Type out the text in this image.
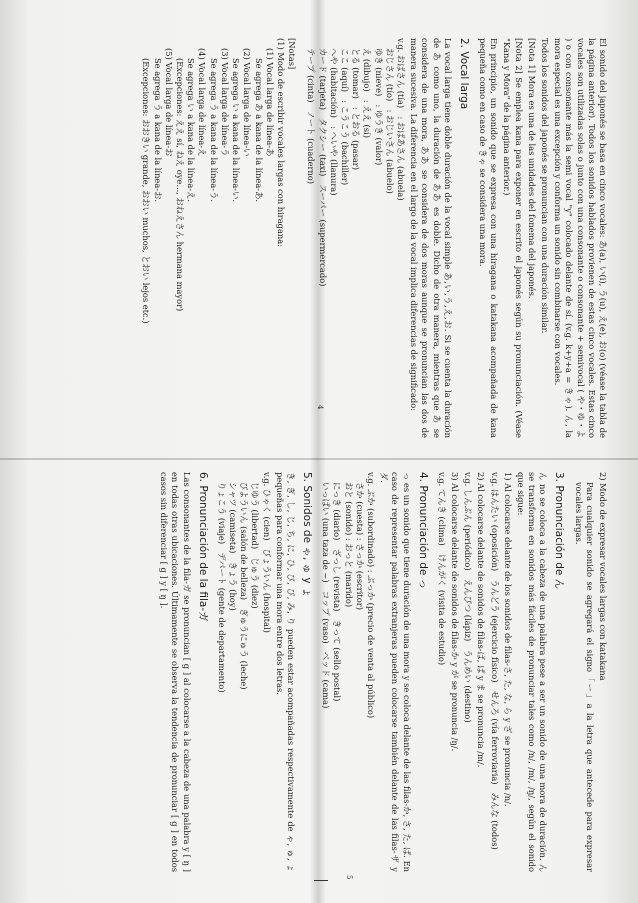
4
5

El sonido del japonés se basa en cinco vocales: あ(a), い(i), う(u), え(e), お(o) (véase la tabla de la página anterior). Todos los sonidos hablados provienen de estas cinco vocales. Estas cinco vocales son utilizadas solas o junto con una consonante o consonante + semivocal ( や・ゆ・よ ) o con consonante más la semi vocal "y" colocado delante de sí. (v.g. k+y+a = きゃ). ん, la mora especial es una excepción y conforma un sonido sin combinarse con vocales.

Todos los sonidos del japonés se pronuncian con una duración similar.

[Nota 1] Mora es una de las unidades del fonema del japonés.

[Nota 2] Se emplea kana para exponer en escrito el japonés según su pronunciación. (Véase "Kana y Mora" de la página anterior.)

En principio, un sonido que se expresa con una hiragana o katakana acompañada de kana pequeña como en caso de きゃ se considera una mora.

2. Vocal larga

La vocal larga tiene doble duración de la vocal simple あ,い,う,え,お. Si se cuenta la duración de あ como uno, la duración de ああ es doble. Dicho de otra manera, mientras que あ se considera de una mora, ああ se considera de dos moras aunque se pronuncian las dos de manera sucesiva. La diferencia en el largo de la vocal implica diferencias de significado:

v.g. おばさん (tía)　: おばあさん (abuela)
おじさん (tío)　: おじいさん (abuelo)
ゆき (nieve)　: ゆうき (valor)
え (dibujo)　: ええ (sí)
とる (tomar)　: とおる (pasar)
ここ (aquí)　: こうこう (bachiller)
へや (habitación)　: へいや (llanura)
カード (tarjeta)　タクシー (taxi)　スーパー (supermercado)
テープ (cinta)　ノート (cuaderno)
[Notas]
(1) Modo de escribir vocales largas con hiragana:
(1) Vocal larga de línea-あ
Se agrega あ a kana de la línea-あ.
(2) Vocal larga de línea-い
Se agrega い a kana de la línea-い.
(3) Vocal larga de línea-う
Se agrega う a kana de la línea-う.
(4) Vocal larga de línea-え
Se agrega い a kana de la línea-え.
(Excepciones: ええ sí, ねえ oye..., おねえさん hermana mayor)
(5) Vocal larga de línea-お
Se agrega う a kana de la línea-お.
(Excepciones: おおきい grande, おおい muchos, とおい lejos etc.)

2) Modo de expresar vocales largas con katakana

Para cualquier sonido se agregará el signo「ー」a la letra que antecede para expresar vocales largas.

3. Pronunciación de ん

ん no se coloca a la cabeza de una palabra pese a ser un sonido de una mora de duración. ん se transforma en sonidos más fáciles de pronunciar tales como /n/, /m/, /ŋ/, según el sonido que sigue:

1) Al colocarse delante de los sonidos de filas-さ, た, な, ら y ざ se pronuncia /n/.

v.g. はんたい (oposición)　うんどう (ejercicio físico)　せんろ (vía ferroviaria)　みんな (todos)

2) Al colocarse delante de sonidos de filas-ば, ぱ y ま se pronuncia /m/.

v.g. しんぶん (periódico)　えんぴつ (lápiz)　うんめい (destino)

3) Al colocarse delante de sonidos de filas-か y が se pronuncia /ŋ/.

v.g. てんき (clima)　けんがく (visita de estudio)

4. Pronunciación de っ

っ es un sonido que tiene duración de una mora y se coloca delante de las filas-か, さ, た, ぱ. En caso de representar palabras extranjeras pueden colocarse también delante de las filas-ザ y ダ.

v.g. ぶか (subordinado) : ぶっか (precio de venta al público)
さか (cuesta) : さっか (escritor)
おと (sonido) : おっと (marido)
にっき (diario)　ざっし (revista)　きって (sello postal)
いっぱい (una taza de ~)　コップ (vaso)　ベッド (cama)
5. Sonidos de ゃ, ゅ y ょ

き, ぎ, し, じ, ち, に, ひ, び, ぴ, み, り pueden estar acompañadas respectivamente de ゃ, ゅ, ょ pequeñas para conformar una mora entre dos letras.

v.g. ひゃく (cien)　びょういん (hospital)
じゆう (libertad)　じゅう (diez)
びよういん (salón de belleza)　ぎゅうにゅう (leche)
シャツ (camiseta)　きょう (hoy)
りょこう (viaje)　デパート (gente de departamento)
6. Pronunciación de la fila-ガ

Las consonantes de la fila-ガ se pronuncian [ g ] al colocarse a la cabeza de una palabra y [ ŋ ] en todas otras ubicaciones. Últimamente se observa la tendencia de pronunciar [ g ] en todos casos sin diferenciar [ g ] y [ ŋ ].
